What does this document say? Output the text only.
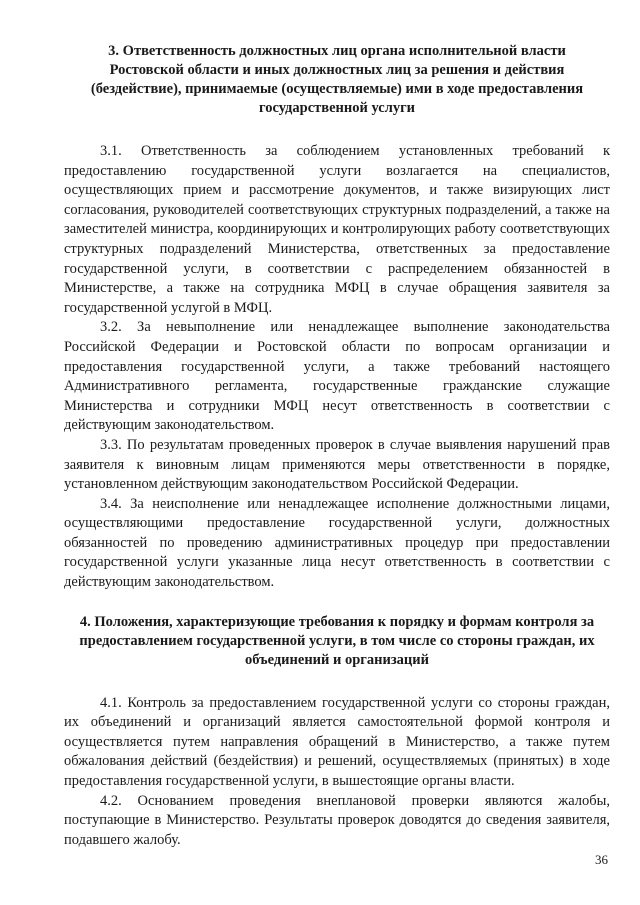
3. Ответственность должностных лиц органа исполнительной власти Ростовской области и иных должностных лиц за решения и действия (бездействие), принимаемые (осуществляемые) ими в ходе предоставления государственной услуги

3.1. Ответственность за соблюдением установленных требований к предоставлению государственной услуги возлагается на специалистов, осуществляющих прием и рассмотрение документов, и также визирующих лист согласования, руководителей соответствующих структурных подразделений, а также на заместителей министра, координирующих и контролирующих работу соответствующих структурных подразделений Министерства, ответственных за предоставление государственной услуги, в соответствии с распределением обязанностей в Министерстве, а также на сотрудника МФЦ в случае обращения заявителя за государственной услугой в МФЦ.

3.2. За невыполнение или ненадлежащее выполнение законодательства Российской Федерации и Ростовской области по вопросам организации и предоставления государственной услуги, а также требований настоящего Административного регламента, государственные гражданские служащие Министерства и сотрудники МФЦ несут ответственность в соответствии с действующим законодательством.

3.3. По результатам проведенных проверок в случае выявления нарушений прав заявителя к виновным лицам применяются меры ответственности в порядке, установленном действующим законодательством Российской Федерации.

3.4. За неисполнение или ненадлежащее исполнение должностными лицами, осуществляющими предоставление государственной услуги, должностных обязанностей по проведению административных процедур при предоставлении государственной услуги указанные лица несут ответственность в соответствии с действующим законодательством.

4. Положения, характеризующие требования к порядку и формам контроля за предоставлением государственной услуги, в том числе со стороны граждан, их объединений и организаций

4.1. Контроль за предоставлением государственной услуги со стороны граждан, их объединений и организаций является самостоятельной формой контроля и осуществляется путем направления обращений в Министерство, а также путем обжалования действий (бездействия) и решений, осуществляемых (принятых) в ходе предоставления государственной услуги, в вышестоящие органы власти.

4.2. Основанием проведения внеплановой проверки являются жалобы, поступающие в Министерство. Результаты проверок доводятся до сведения заявителя, подавшего жалобу.

36
